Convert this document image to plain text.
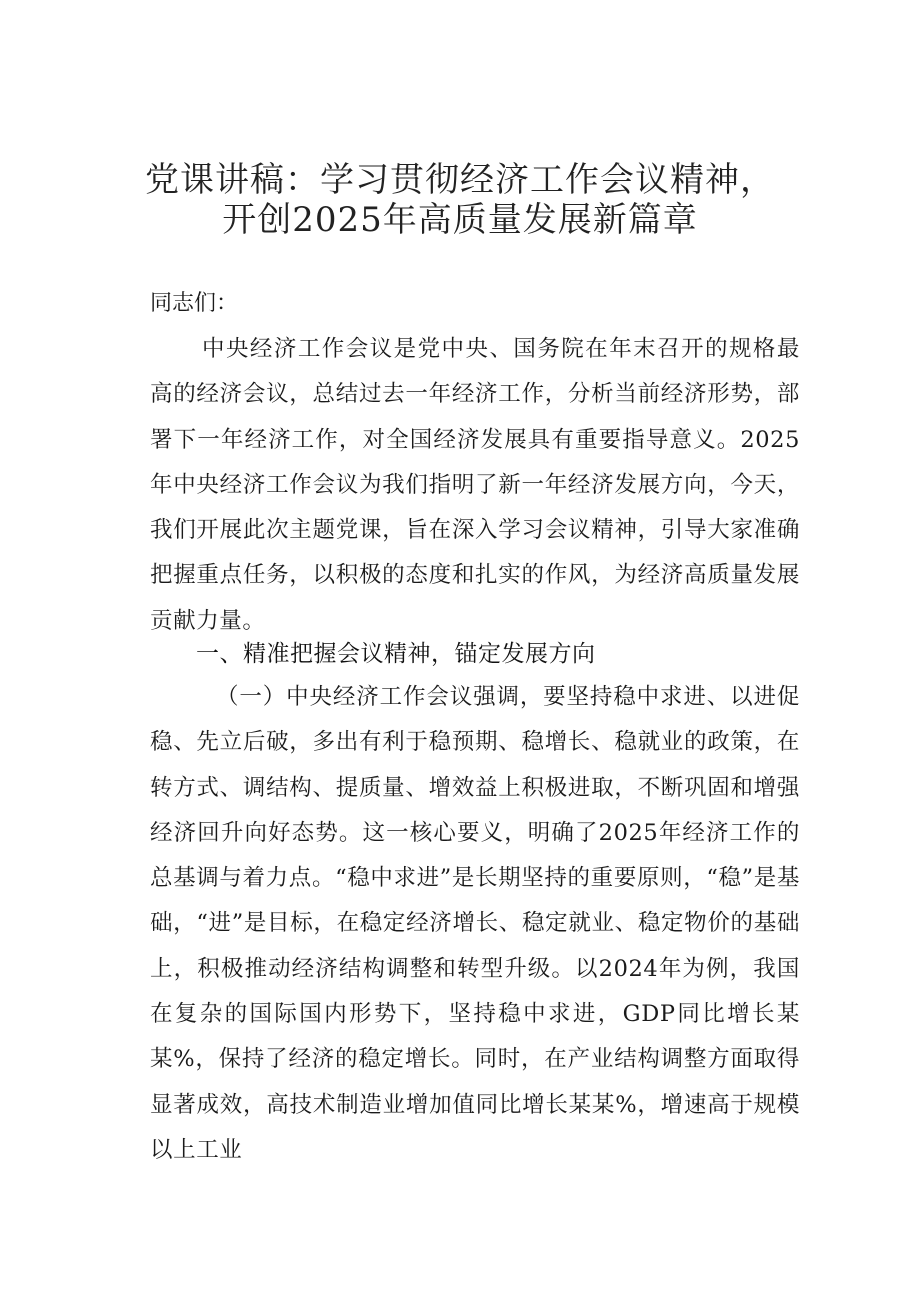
党课讲稿：学习贯彻经济工作会议精神，
开创2025年高质量发展新篇章
同志们：
中央经济工作会议是党中央、国务院在年末召开的规格最高的经济会议，总结过去一年经济工作，分析当前经济形势，部署下一年经济工作，对全国经济发展具有重要指导意义。2025年中央经济工作会议为我们指明了新一年经济发展方向，今天，我们开展此次主题党课，旨在深入学习会议精神，引导大家准确把握重点任务，以积极的态度和扎实的作风，为经济高质量发展贡献力量。
一、精准把握会议精神，锚定发展方向
（一）中央经济工作会议强调，要坚持稳中求进、以进促稳、先立后破，多出有利于稳预期、稳增长、稳就业的政策，在转方式、调结构、提质量、增效益上积极进取，不断巩固和增强经济回升向好态势。这一核心要义，明确了2025年经济工作的总基调与着力点。“稳中求进”是长期坚持的重要原则，“稳”是基础，“进”是目标，在稳定经济增长、稳定就业、稳定物价的基础上，积极推动经济结构调整和转型升级。以2024年为例，我国在复杂的国际国内形势下，坚持稳中求进，GDP同比增长某某%，保持了经济的稳定增长。同时，在产业结构调整方面取得显著成效，高技术制造业增加值同比增长某某%，增速高于规模以上工业
